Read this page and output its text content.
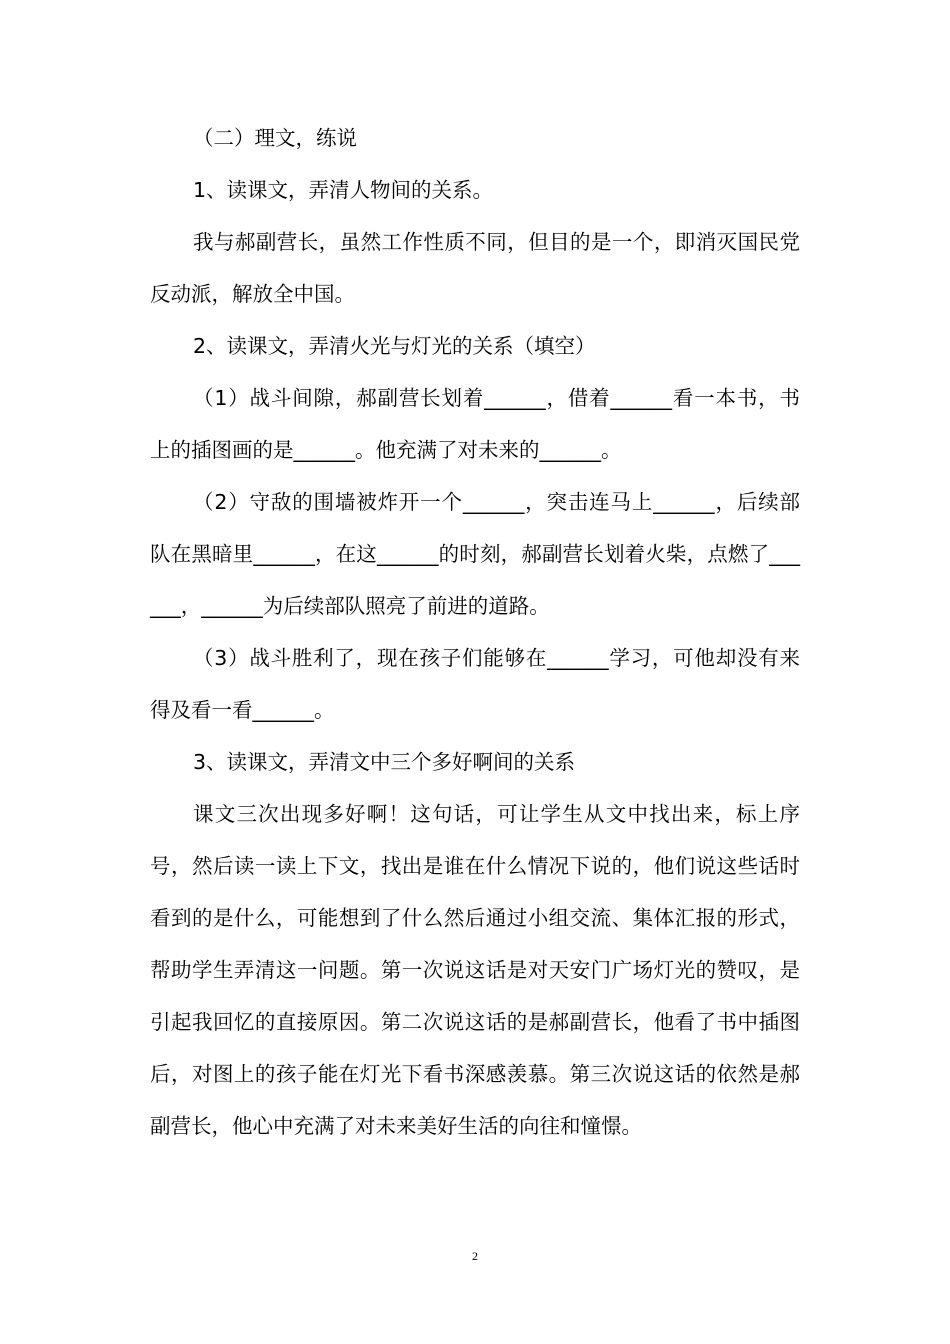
（二）理文，练说

1、读课文，弄清人物间的关系。

我与郝副营长，虽然工作性质不同，但目的是一个，即消灭国民党反动派，解放全中国。

2、读课文，弄清火光与灯光的关系（填空）

（1）战斗间隙，郝副营长划着______，借着______看一本书，书上的插图画的是______。他充满了对未来的______。

（2）守敌的围墙被炸开一个______，突击连马上______，后续部队在黑暗里______，在这______的时刻，郝副营长划着火柴，点燃了______，______为后续部队照亮了前进的道路。

（3）战斗胜利了，现在孩子们能够在______学习，可他却没有来得及看一看______。

3、读课文，弄清文中三个多好啊间的关系

课文三次出现多好啊！这句话，可让学生从文中找出来，标上序号，然后读一读上下文，找出是谁在什么情况下说的，他们说这些话时看到的是什么，可能想到了什么然后通过小组交流、集体汇报的形式，帮助学生弄清这一问题。第一次说这话是对天安门广场灯光的赞叹，是引起我回忆的直接原因。第二次说这话的是郝副营长，他看了书中插图后，对图上的孩子能在灯光下看书深感羡慕。第三次说这话的依然是郝副营长，他心中充满了对未来美好生活的向往和憧憬。

2
